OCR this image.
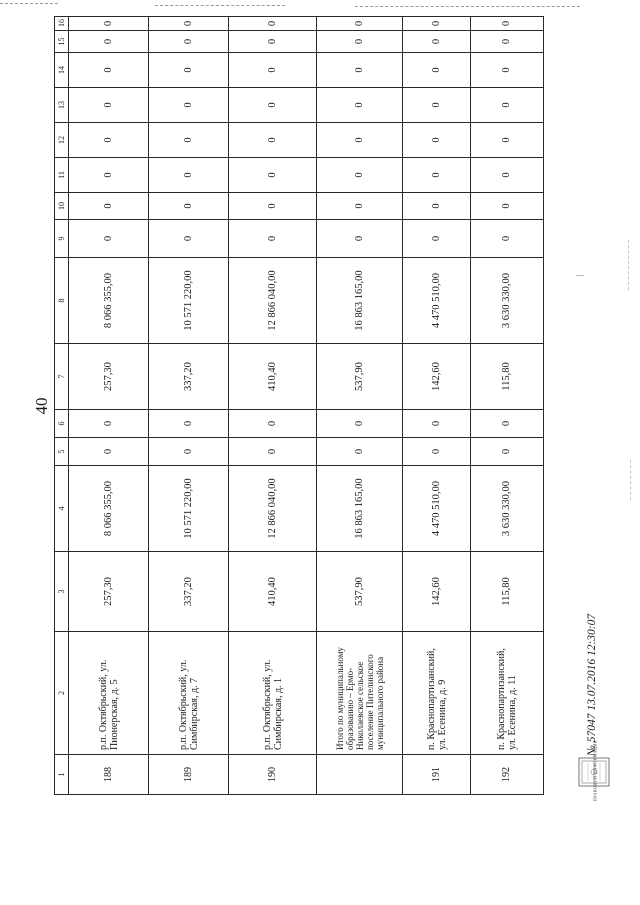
40
1	2	3	4	5	6	7	8	9	10	11	12	13	14	15	16
188	р.п. Октябрьский, ул. Пионерская, д. 5	257,30	8 066 355,00	0	0	257,30	8 066 355,00	0	0	0	0	0	0	0	0
189	р.п. Октябрьский, ул. Симбирская, д. 7	337,20	10 571 220,00	0	0	337,20	10 571 220,00	0	0	0	0	0	0	0	0
190	р.п. Октябрьский, ул. Симбирская, д. 1	410,40	12 866 040,00	0	0	410,40	12 866 040,00	0	0	0	0	0	0	0	0
	Итого по муниципальному образованию – Ермо-Николаевское сельское поселение Пителинского муниципального района	537,90	16 863 165,00	0	0	537,90	16 863 165,00	0	0	0	0	0	0	0	0
191	п. Краснопартизанский, ул. Есенина, д. 9	142,60	4 470 510,00	0	0	142,60	4 470 510,00	0	0	0	0	0	0	0	0
192	п. Краснопартизанский, ул. Есенина, д. 11	115,80	3 630 330,00	0	0	115,80	3 630 330,00	0	0	0	0	0	0	0	0
ПРАВОВОЙ ИНФОРМАЦИИ
№ 57047 13.07.2016 12:30:07
